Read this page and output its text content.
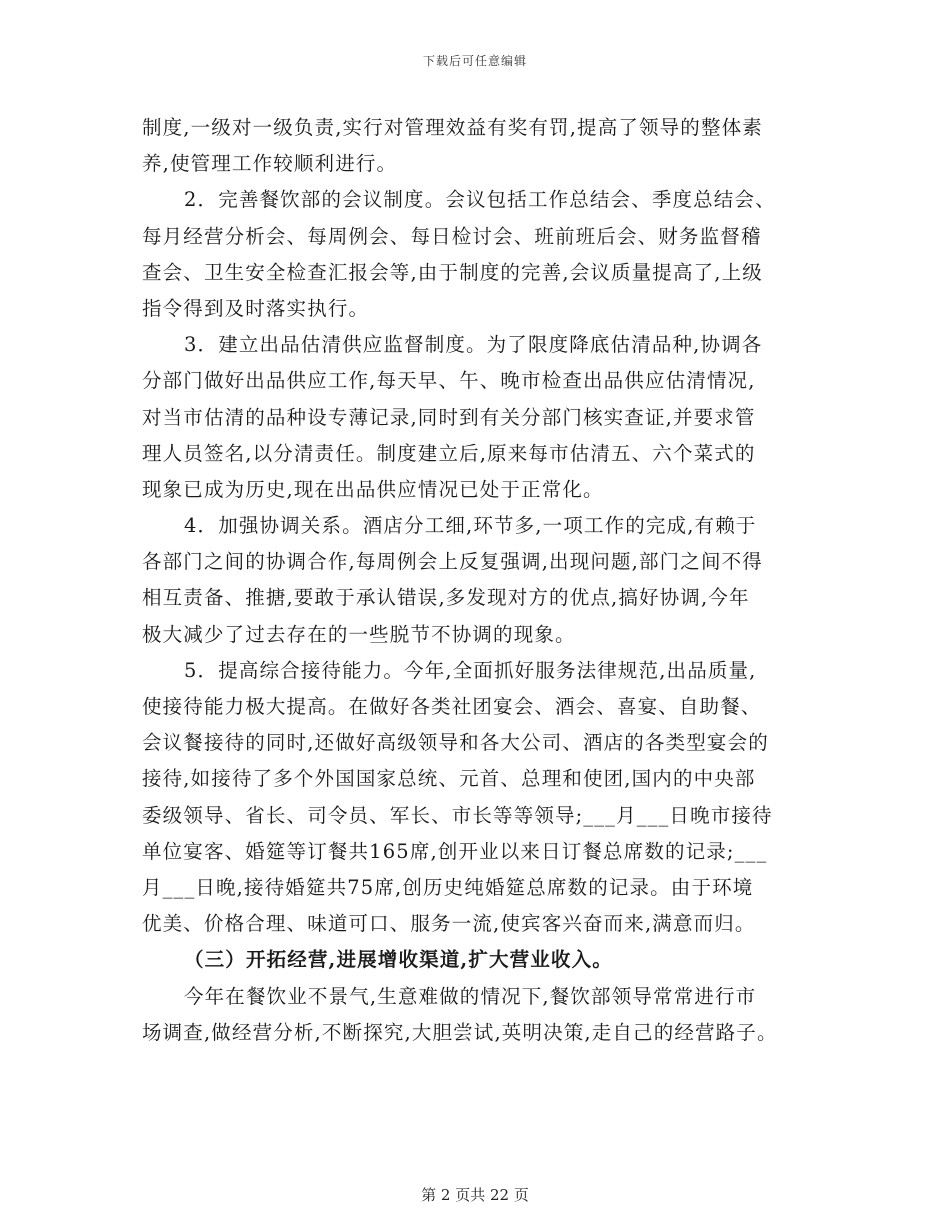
下载后可任意编辑
制度,一级对一级负责,实行对管理效益有奖有罚,提高了领导的整体素
养,使管理工作较顺利进行。
2．完善餐饮部的会议制度。会议包括工作总结会、季度总结会、
每月经营分析会、每周例会、每日检讨会、班前班后会、财务监督稽
查会、卫生安全检查汇报会等,由于制度的完善,会议质量提高了,上级
指令得到及时落实执行。
3．建立出品估清供应监督制度。为了限度降底估清品种,协调各
分部门做好出品供应工作,每天早、午、晚市检查出品供应估清情况,
对当市估清的品种设专薄记录,同时到有关分部门核实查证,并要求管
理人员签名,以分清责任。制度建立后,原来每市估清五、六个菜式的
现象已成为历史,现在出品供应情况已处于正常化。
4．加强协调关系。酒店分工细,环节多,一项工作的完成,有赖于
各部门之间的协调合作,每周例会上反复强调,出现问题,部门之间不得
相互责备、推搪,要敢于承认错误,多发现对方的优点,搞好协调,今年
极大减少了过去存在的一些脱节不协调的现象。
5．提高综合接待能力。今年,全面抓好服务法律规范,出品质量,
使接待能力极大提高。在做好各类社团宴会、酒会、喜宴、自助餐、
会议餐接待的同时,还做好高级领导和各大公司、酒店的各类型宴会的
接待,如接待了多个外国国家总统、元首、总理和使团,国内的中央部
委级领导、省长、司令员、军长、市长等等领导;___月___日晚市接待
单位宴客、婚筵等订餐共165席,创开业以来日订餐总席数的记录;___
月___日晚,接待婚筵共75席,创历史纯婚筵总席数的记录。由于环境
优美、价格合理、味道可口、服务一流,使宾客兴奋而来,满意而归。
（三）开拓经营,进展增收渠道,扩大营业收入。
今年在餐饮业不景气,生意难做的情况下,餐饮部领导常常进行市
场调查,做经营分析,不断探究,大胆尝试,英明决策,走自己的经营路子。
第 2 页共 22 页
